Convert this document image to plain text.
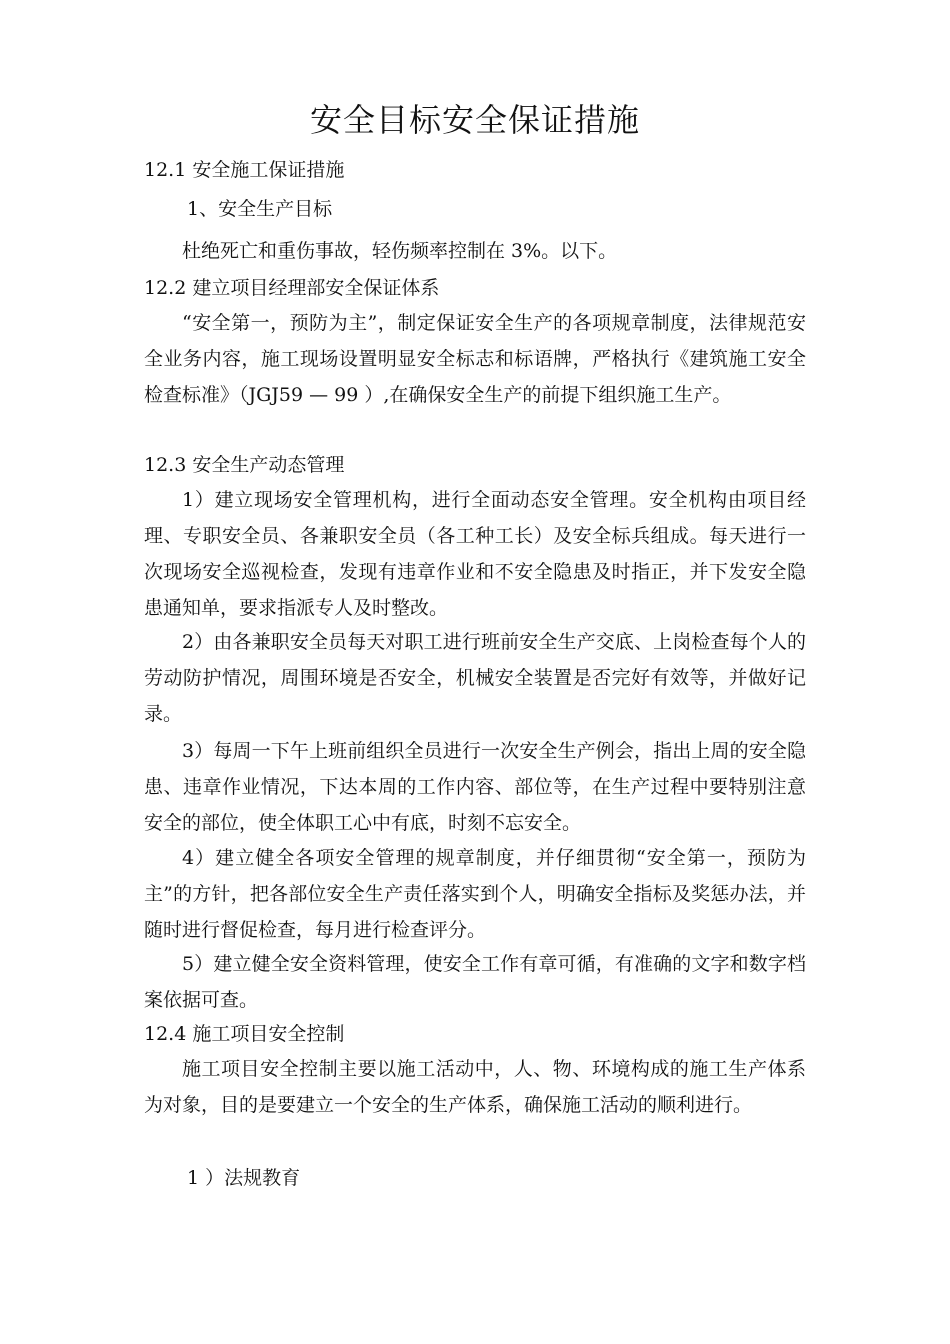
安全目标安全保证措施
12.1 安全施工保证措施
1、安全生产目标
杜绝死亡和重伤事故，轻伤频率控制在 3%。以下。
12.2 建立项目经理部安全保证体系
“安全第一，预防为主”，制定保证安全生产的各项规章制度，法律规范安全业务内容，施工现场设置明显安全标志和标语牌，严格执行《建筑施工安全检查标准》（JGJ59 — 99 ）,在确保安全生产的前提下组织施工生产。
12.3 安全生产动态管理
1）建立现场安全管理机构，进行全面动态安全管理。安全机构由项目经理、专职安全员、各兼职安全员（各工种工长）及安全标兵组成。每天进行一次现场安全巡视检查，发现有违章作业和不安全隐患及时指正，并下发安全隐患通知单，要求指派专人及时整改。
2）由各兼职安全员每天对职工进行班前安全生产交底、上岗检查每个人的劳动防护情况，周围环境是否安全，机械安全装置是否完好有效等，并做好记录。
3）每周一下午上班前组织全员进行一次安全生产例会，指出上周的安全隐患、违章作业情况，下达本周的工作内容、部位等，在生产过程中要特别注意安全的部位，使全体职工心中有底，时刻不忘安全。
4）建立健全各项安全管理的规章制度，并仔细贯彻“安全第一，预防为主”的方针，把各部位安全生产责任落实到个人，明确安全指标及奖惩办法，并随时进行督促检查，每月进行检查评分。
5）建立健全安全资料管理，使安全工作有章可循，有准确的文字和数字档案依据可查。
12.4 施工项目安全控制
施工项目安全控制主要以施工活动中，人、物、环境构成的施工生产体系为对象，目的是要建立一个安全的生产体系，确保施工活动的顺利进行。
1 ）法规教育
